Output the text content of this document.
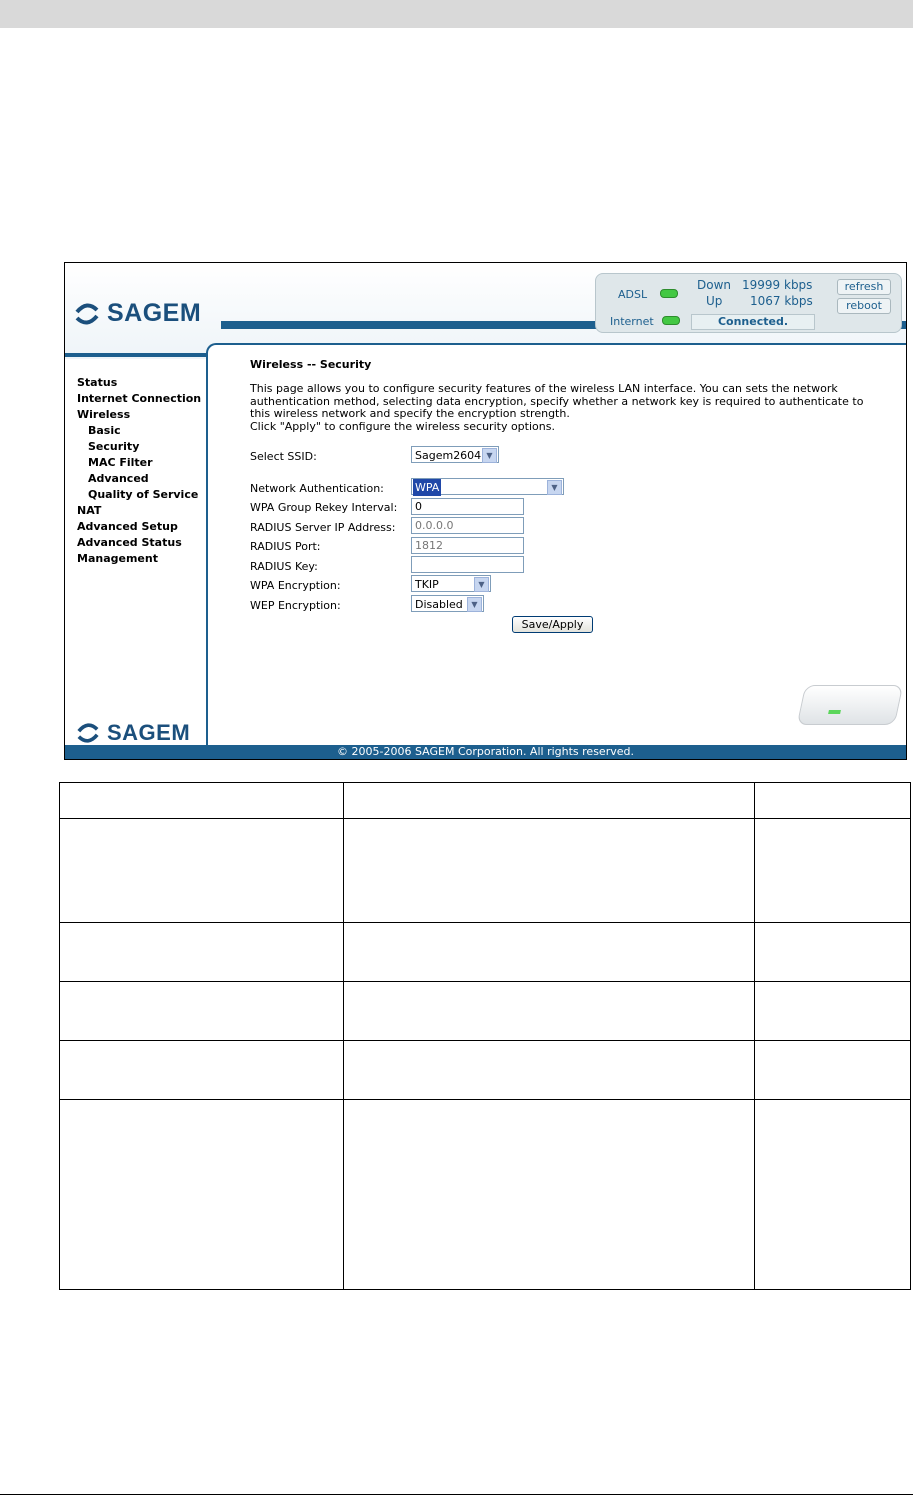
SAGEM
ADSL
Internet
Down 19999 kbps
Up 1067 kbps
Connected.
refresh
reboot
Status
Internet Connection
Wireless
Basic
Security
MAC Filter
Advanced
Quality of Service
NAT
Advanced Setup
Advanced Status
Management
Wireless -- Security
This page allows you to configure security features of the wireless LAN interface. You can sets the network authentication method, selecting data encryption, specify whether a network key is required to authenticate to this wireless network and specify the encryption strength.
Click "Apply" to configure the wireless security options.
Select SSID:	Sagem2604 ▼
Network Authentication:	WPA	▼
WPA Group Rekey Interval:	0
RADIUS Server IP Address:	0.0.0.0
RADIUS Port:	1812
RADIUS Key:
WPA Encryption:	TKIP	▼
WEP Encryption:	Disabled	▼
Save/Apply
SAGEM
© 2005-2006 SAGEM Corporation. All rights reserved.
